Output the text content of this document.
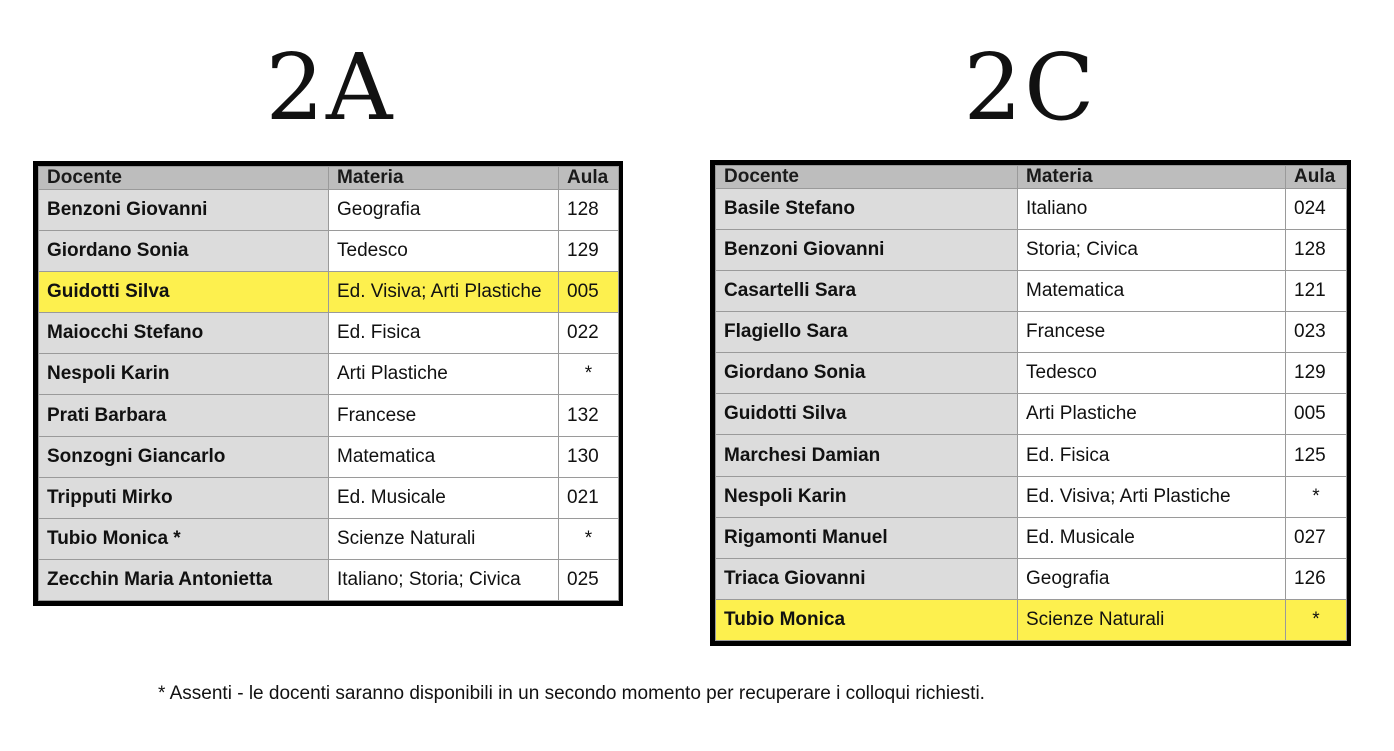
2A	2C
Docente	Materia	Aula
Benzoni Giovanni	Geografia	128
Giordano Sonia	Tedesco	129
Guidotti Silva	Ed. Visiva; Arti Plastiche	005
Maiocchi Stefano	Ed. Fisica	022
Nespoli Karin	Arti Plastiche	*
Prati Barbara	Francese	132
Sonzogni Giancarlo	Matematica	130
Tripputi Mirko	Ed. Musicale	021
Tubio Monica *	Scienze Naturali	*
Zecchin Maria Antonietta	Italiano; Storia; Civica	025
Docente	Materia	Aula
Basile Stefano	Italiano	024
Benzoni Giovanni	Storia; Civica	128
Casartelli Sara	Matematica	121
Flagiello Sara	Francese	023
Giordano Sonia	Tedesco	129
Guidotti Silva	Arti Plastiche	005
Marchesi Damian	Ed. Fisica	125
Nespoli Karin	Ed. Visiva; Arti Plastiche	*
Rigamonti Manuel	Ed. Musicale	027
Triaca Giovanni	Geografia	126
Tubio Monica	Scienze Naturali	*
* Assenti - le docenti saranno disponibili in un secondo momento per recuperare i colloqui richiesti.
